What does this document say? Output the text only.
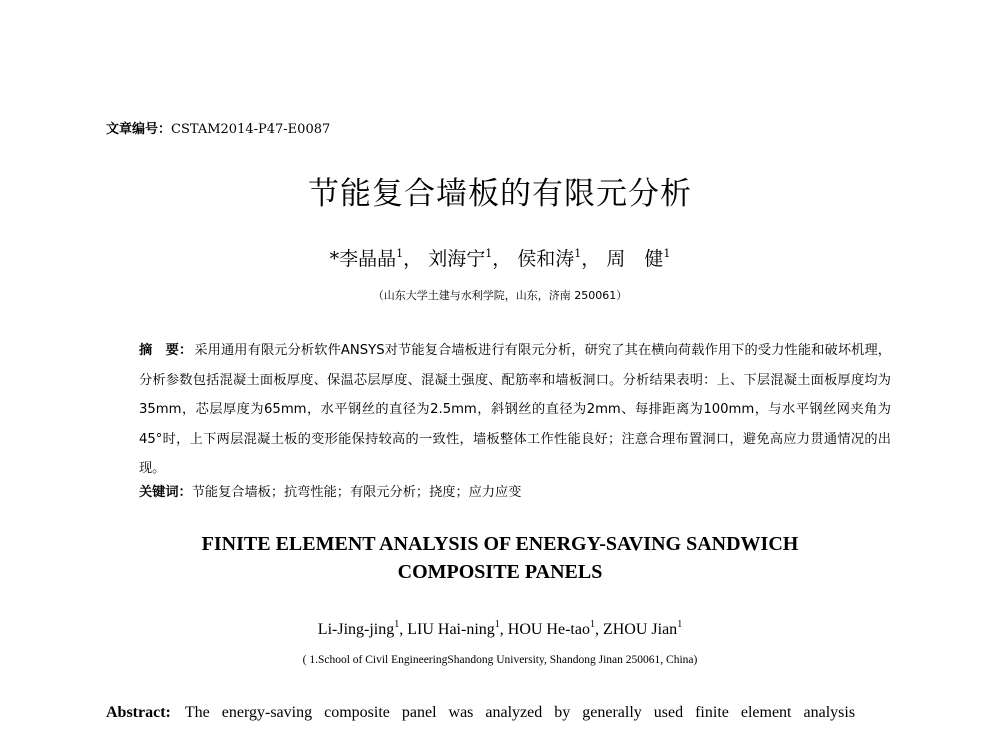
文章编号：CSTAM2014-P47-E0087
节能复合墙板的有限元分析
*李晶晶$^1$， 刘海宁$^1$， 侯和涛$^1$， 周　健$^1$
（山东大学土建与水利学院，山东，济南 250061）
摘　要： 采用通用有限元分析软件ANSYS对节能复合墙板进行有限元分析，研究了其在横向荷载作用下的受力性能和破坏机理，分析参数包括混凝土面板厚度、保温芯层厚度、混凝土强度、配筋率和墙板洞口。分析结果表明：上、下层混凝土面板厚度均为35mm，芯层厚度为65mm，水平钢丝的直径为2.5mm，斜钢丝的直径为2mm、每排距离为100mm，与水平钢丝网夹角为45°时，上下两层混凝土板的变形能保持较高的一致性，墙板整体工作性能良好；注意合理布置洞口，避免高应力贯通情况的出现。
关键词：节能复合墙板；抗弯性能；有限元分析；挠度；应力应变
FINITE ELEMENT ANALYSIS OF ENERGY-SAVING SANDWICH
COMPOSITE PANELS
Li-Jing-jing$^1$, LIU Hai-ning$^1$, HOU He-tao$^1$, ZHOU Jian$^1$
( 1.School of Civil EngineeringShandong University, Shandong Jinan 250061, China)
Abstract: The energy-saving composite panel was analyzed by generally used finite element analysis
